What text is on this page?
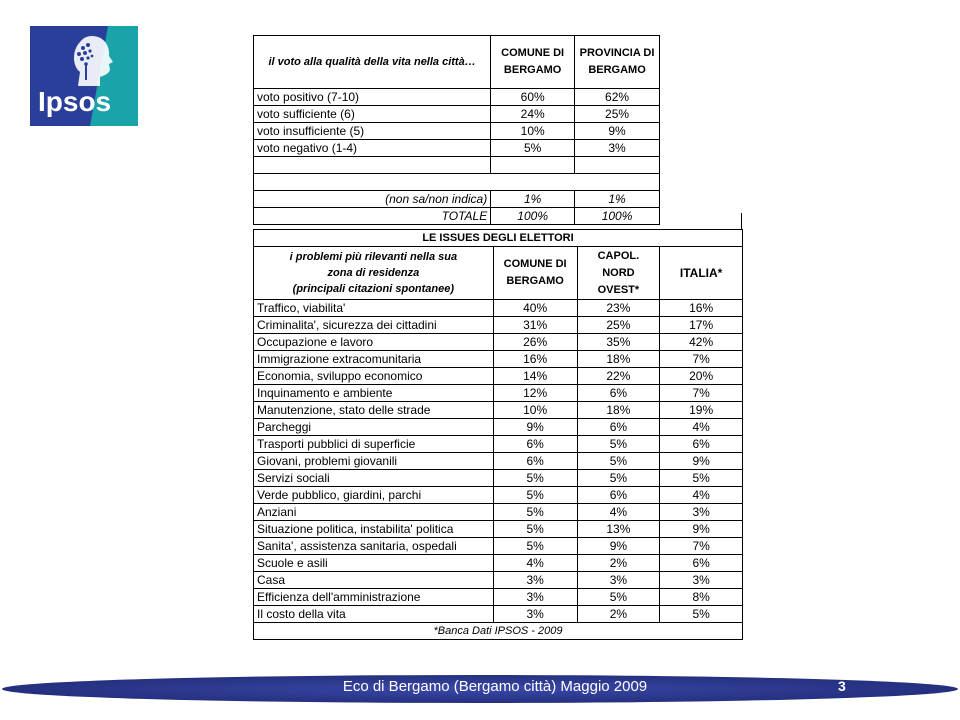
Ipsos
il voto alla qualità della vita nella città…	COMUNE DI BERGAMO	PROVINCIA DI BERGAMO
voto positivo (7-10)	60%	62%
voto sufficiente (6)	24%	25%
voto insufficiente (5)	10%	9%
voto negativo (1-4)	5%	3%

(non sa/non indica)	1%	1%
TOTALE	100%	100%
LE ISSUES DEGLI ELETTORI			

i problemi più rilevanti nella sua
zona di residenza
(principali citazioni spontanee)	COMUNE DI BERGAMO	CAPOL. NORD OVEST*	ITALIA*
Traffico, viabilita'	40%	23%	16%
Criminalita', sicurezza dei cittadini	31%	25%	17%
Occupazione e lavoro	26%	35%	42%
Immigrazione extracomunitaria	16%	18%	7%
Economia, sviluppo economico	14%	22%	20%
Inquinamento e ambiente	12%	6%	7%
Manutenzione, stato delle strade	10%	18%	19%
Parcheggi	9%	6%	4%
Trasporti pubblici di superficie	6%	5%	6%
Giovani, problemi giovanili	6%	5%	9%
Servizi sociali	5%	5%	5%
Verde pubblico, giardini, parchi	5%	6%	4%
Anziani	5%	4%	3%
Situazione politica, instabilita' politica	5%	13%	9%
Sanita', assistenza sanitaria, ospedali	5%	9%	7%
Scuole e asili	4%	2%	6%
Casa	3%	3%	3%
Efficienza dell'amministrazione	3%	5%	8%
Il costo della vita	3%	2%	5%
*Banca Dati IPSOS - 2009			
Eco di Bergamo (Bergamo città) Maggio 2009	3
